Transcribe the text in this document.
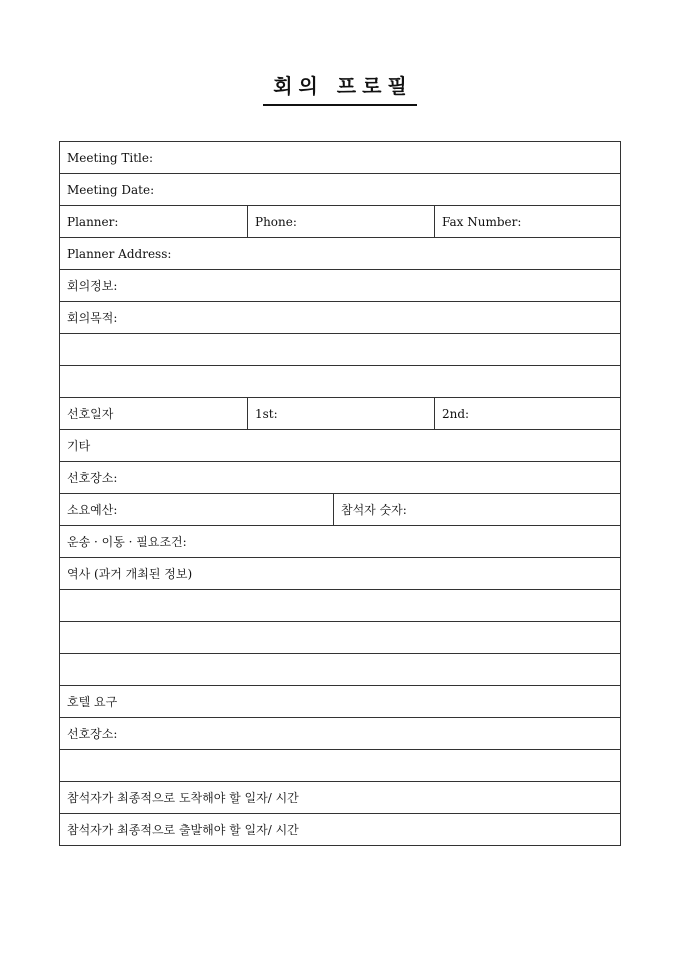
회의 프로필
Meeting Title:
Meeting Date:
Planner:	Phone:	Fax Number:
Planner Address:
회의정보:
회의목적:
선호일자	1st:	2nd:
기타
선호장소:
소요예산:	참석자 숫자:
운송 · 이동 · 필요조건:
역사 (과거 개최된 정보)
호텔 요구
선호장소:
참석자가 최종적으로 도착해야 할 일자/ 시간
참석자가 최종적으로 출발해야 할 일자/ 시간
